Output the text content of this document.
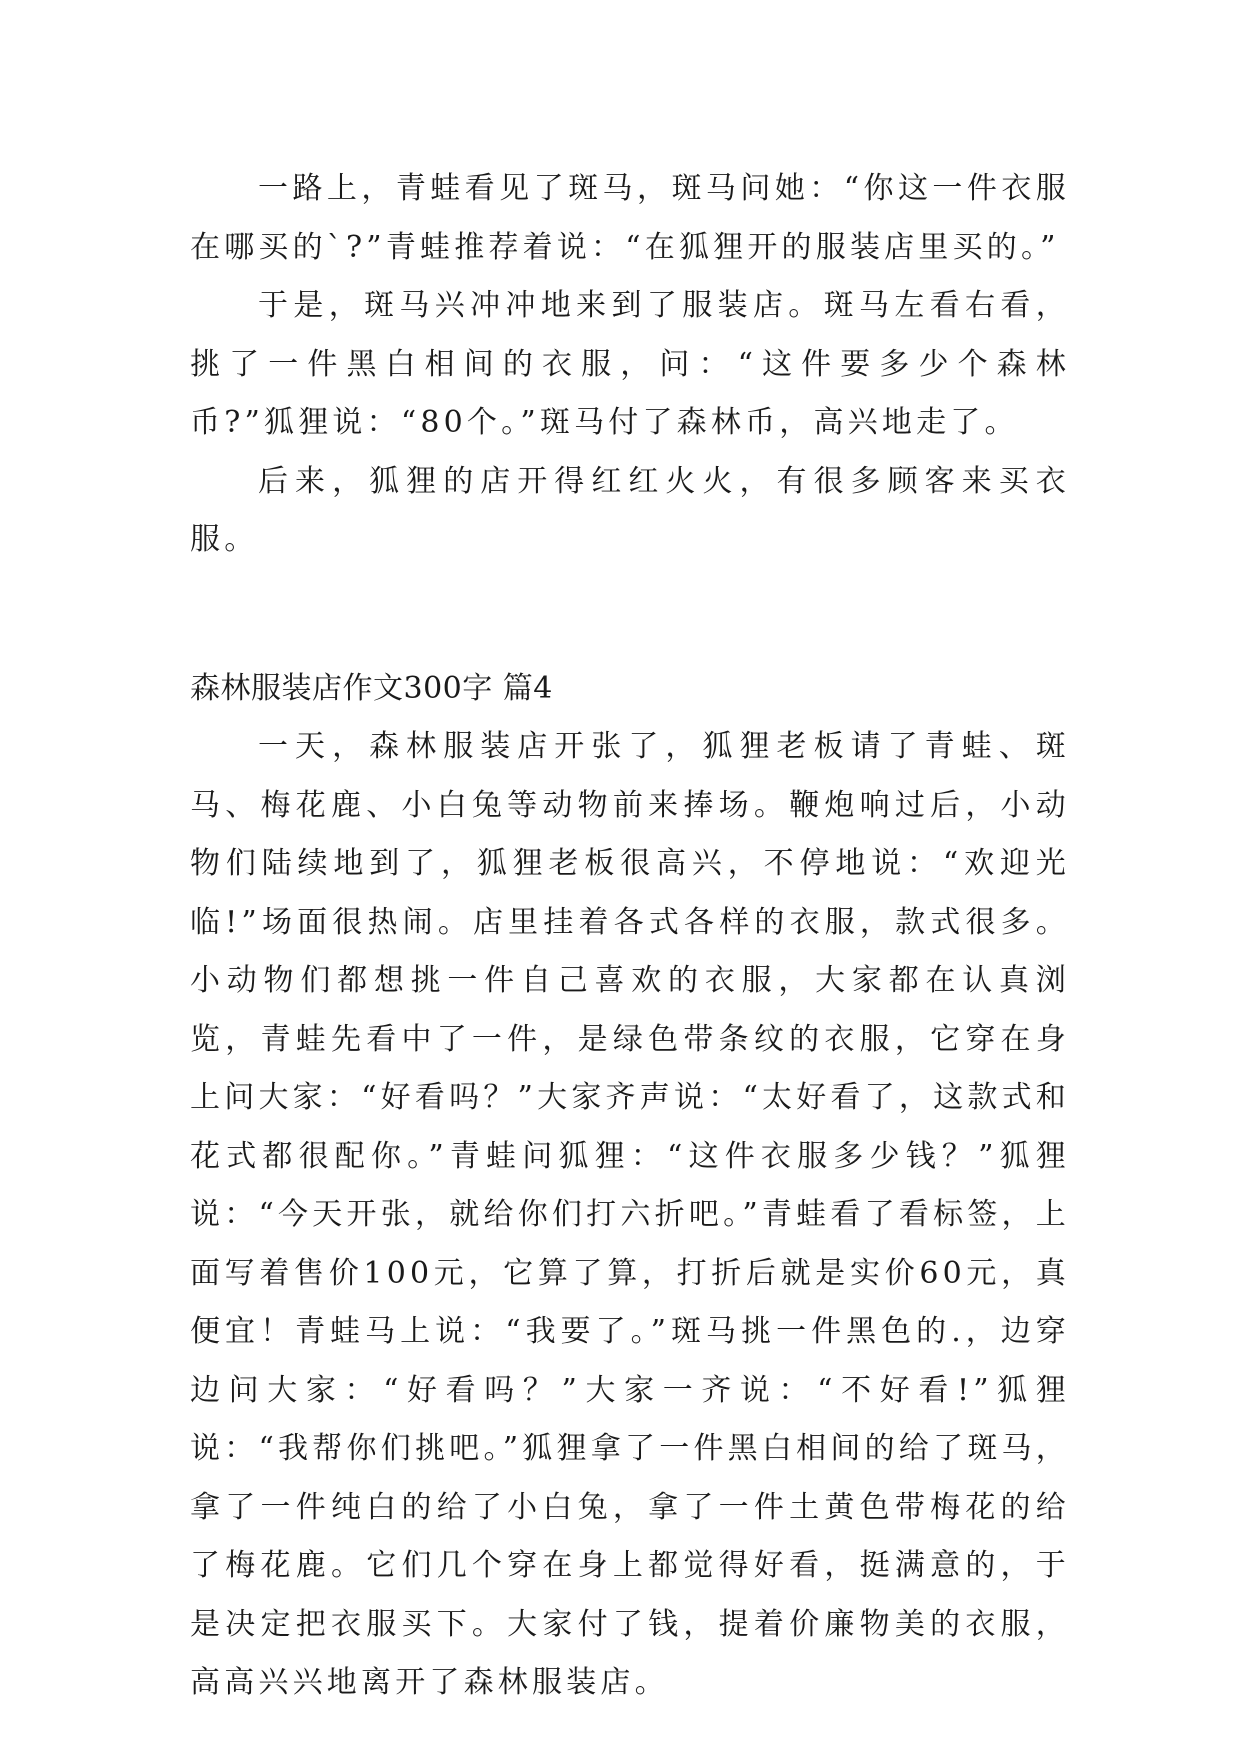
一路上，青蛙看见了斑马，斑马问她：“你这一件衣服在哪买的`?”青蛙推荐着说：“在狐狸开的服装店里买的。”

于是，斑马兴冲冲地来到了服装店。斑马左看右看，挑了一件黑白相间的衣服，问：“这件要多少个森林币?”狐狸说：“80个。”斑马付了森林币，高兴地走了。

后来，狐狸的店开得红红火火，有很多顾客来买衣服。

森林服装店作文300字 篇4

一天，森林服装店开张了，狐狸老板请了青蛙、斑马、梅花鹿、小白兔等动物前来捧场。鞭炮响过后，小动物们陆续地到了，狐狸老板很高兴，不停地说：“欢迎光临!”场面很热闹。店里挂着各式各样的衣服，款式很多。小动物们都想挑一件自己喜欢的衣服，大家都在认真浏览，青蛙先看中了一件，是绿色带条纹的衣服，它穿在身上问大家：“好看吗？”大家齐声说：“太好看了，这款式和花式都很配你。”青蛙问狐狸：“这件衣服多少钱？”狐狸说：“今天开张，就给你们打六折吧。”青蛙看了看标签，上面写着售价100元，它算了算，打折后就是实价60元，真便宜！青蛙马上说：“我要了。”斑马挑一件黑色的.，边穿边问大家：“好看吗？”大家一齐说：“不好看!”狐狸说：“我帮你们挑吧。”狐狸拿了一件黑白相间的给了斑马，拿了一件纯白的给了小白兔，拿了一件土黄色带梅花的给了梅花鹿。它们几个穿在身上都觉得好看，挺满意的，于是决定把衣服买下。大家付了钱，提着价廉物美的衣服，高高兴兴地离开了森林服装店。
